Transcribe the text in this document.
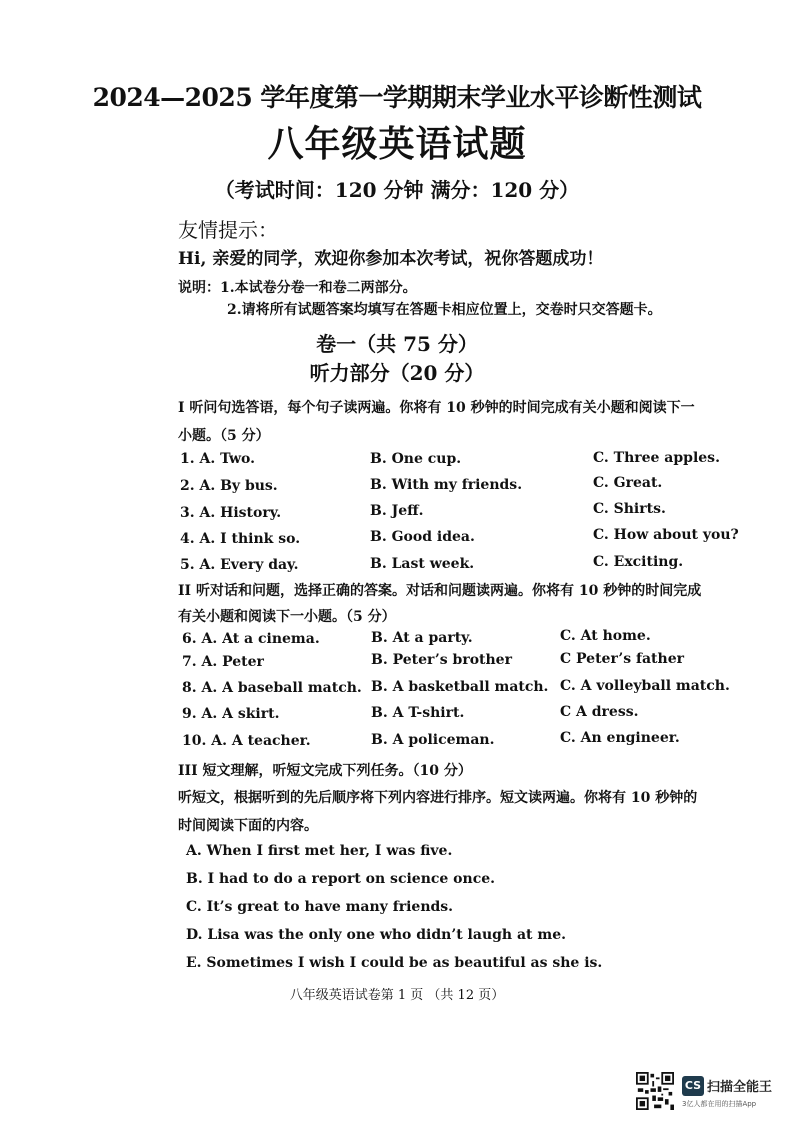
2024—2025 学年度第一学期期末学业水平诊断性测试
八年级英语试题
（考试时间：120 分钟 满分：120 分）
友情提示：
Hi, 亲爱的同学，欢迎你参加本次考试，祝你答题成功！
说明：1.本试卷分卷一和卷二两部分。
2.请将所有试题答案均填写在答题卡相应位置上，交卷时只交答题卡。
卷一（共 75 分）
听力部分（20 分）
I 听问句选答语，每个句子读两遍。你将有 10 秒钟的时间完成有关小题和阅读下一
小题。（5 分）
1. A. Two.	B. One cup.	C. Three apples.
2. A. By bus.	B. With my friends.	C. Great.
3. A. History.	B. Jeff.	C. Shirts.
4. A. I think so.	B. Good idea.	C. How about you?
5. A. Every day.	B. Last week.	C. Exciting.
II 听对话和问题，选择正确的答案。对话和问题读两遍。你将有 10 秒钟的时间完成
有关小题和阅读下一小题。（5 分）
6. A. At a cinema.	B. At a party.	C. At home.
7. A. Peter	B. Peter’s brother	C Peter’s father
8. A. A baseball match. B. A basketball match. C. A volleyball match.
9. A. A skirt.	B. A T-shirt.	C A dress.
10. A. A teacher.	B. A policeman.	C. An engineer.
III 短文理解，听短文完成下列任务。（10 分）
听短文，根据听到的先后顺序将下列内容进行排序。短文读两遍。你将有 10 秒钟的
时间阅读下面的内容。
A. When I first met her, I was five.
B. I had to do a report on science once.
C. It’s great to have many friends.
D. Lisa was the only one who didn’t laugh at me.
E. Sometimes I wish I could be as beautiful as she is.
八年级英语试卷第 1 页 （共 12 页）
CS 扫描全能王
3亿人都在用的扫描App
